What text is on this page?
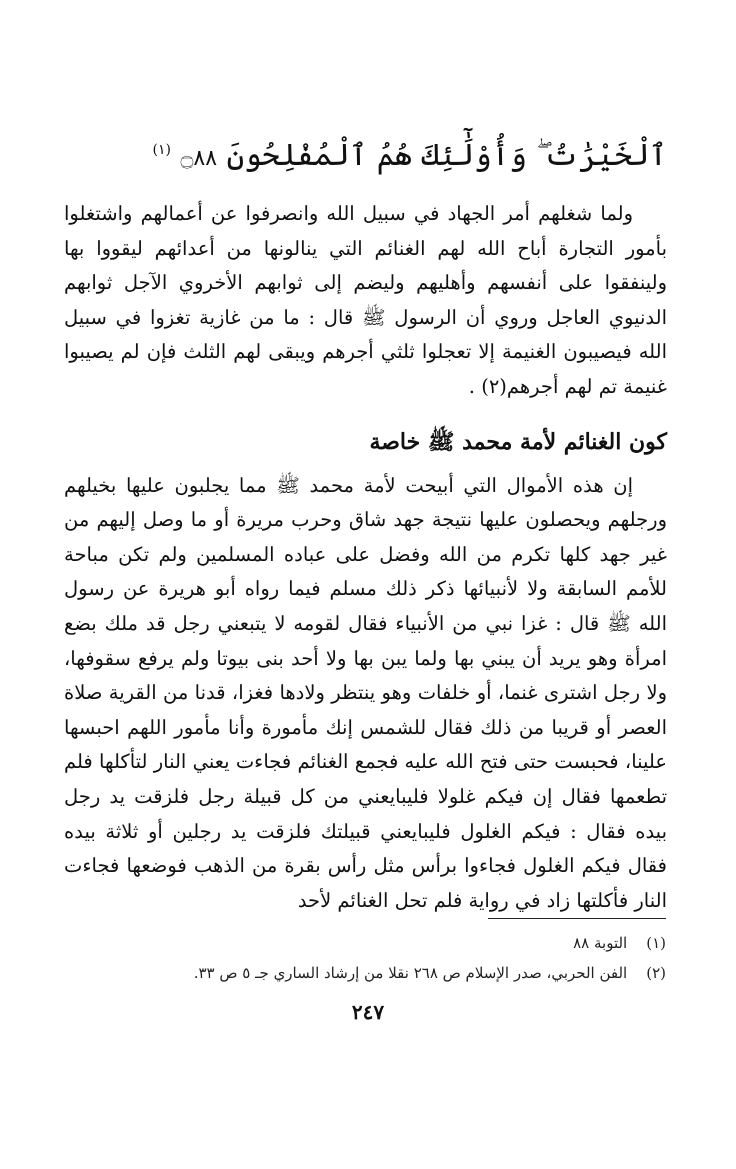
ٱلْخَيْرَٰتُ ۖ وَأُوْلَٰٓئِكَ هُمُ ٱلْمُفْلِحُونَ ۝٨٨ $^{(١)}$

ولما شغلهم أمر الجهاد في سبيل الله وانصرفوا عن أعمالهم واشتغلوا بأمور التجارة أباح الله لهم الغنائم التي ينالونها من أعدائهم ليقووا بها ولينفقوا على أنفسهم وأهليهم وليضم إلى ثوابهم الأخروي الآجل ثوابهم الدنيوي العاجل وروي أن الرسول ﷺ قال : ما من غازية تغزوا في سبيل الله فيصيبون الغنيمة إلا تعجلوا ثلثي أجرهم ويبقى لهم الثلث فإن لم يصيبوا غنيمة تم لهم أجرهم(٢) .

كون الغنائم لأمة محمد ﷺ خاصة

إن هذه الأموال التي أبيحت لأمة محمد ﷺ مما يجلبون عليها بخيلهم ورجلهم ويحصلون عليها نتيجة جهد شاق وحرب مريرة أو ما وصل إليهم من غير جهد كلها تكرم من الله وفضل على عباده المسلمين ولم تكن مباحة للأمم السابقة ولا لأنبيائها ذكر ذلك مسلم فيما رواه أبو هريرة عن رسول الله ﷺ قال : غزا نبي من الأنبياء فقال لقومه لا يتبعني رجل قد ملك بضع امرأة وهو يريد أن يبني بها ولما يبن بها ولا أحد بنى بيوتا ولم يرفع سقوفها، ولا رجل اشترى غنما، أو خلفات وهو ينتظر ولادها فغزا، قدنا من القرية صلاة العصر أو قريبا من ذلك فقال للشمس إنك مأمورة وأنا مأمور اللهم احبسها علينا، فحبست حتى فتح الله عليه فجمع الغنائم فجاءت يعني النار لتأكلها فلم تطعمها فقال إن فيكم غلولا فليبايعني من كل قبيلة رجل فلزقت يد رجل بيده فقال : فيكم الغلول فليبايعني قبيلتك فلزقت يد رجلين أو ثلاثة بيده فقال فيكم الغلول فجاءوا برأس مثل رأس بقرة من الذهب فوضعها فجاءت النار فأكلتها زاد في رواية فلم تحل الغنائم لأحد

(١) التوبة ٨٨
(٢) الفن الحربي، صدر الإسلام ص ٢٦٨ نقلا من إرشاد الساري جـ ٥ ص ٣٣.
٢٤٧
